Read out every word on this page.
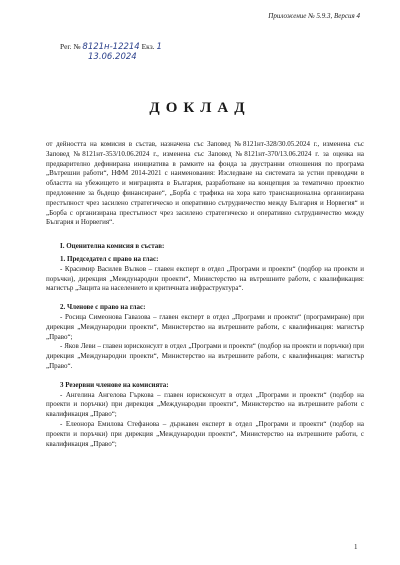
Приложение № 5.9.3, Версия 4
Рег. № 8121н-12214 Екз. 1
13.06.2024
ДОКЛАД

от дейността на комисия в състав, назначена със Заповед №8121нт-328/30.05.2024 г., изменена със Заповед №8121нт-353/10.06.2024 г., изменена със Заповед №8121нт-370/13.06.2024 г. за оценка на предварително дефинирана инициатива в рамките на фонда за двустранни отношения по програма „Вътрешни работи“, НФМ 2014-2021 с наименования: Изследване на системата за устни преводачи в областта на убежището и миграцията в България, разработване на концепция за тематично проектно предложение за бъдещо финансиране“, „Борба с трафика на хора като транснационална организирана престъпност чрез засилено стратегическо и оперативно сътрудничество между България и Норвегия“ и „Борба с организирана престъпност чрез засилено стратегическо и оперативно сътрудничество между България и Норвегия“.

I. Оценителна комисия в състав:

1. Председател с право на глас:

- Красимир Василев Вълков – главен експерт в отдел „Програми и проекти“ (подбор на проекти и поръчки), дирекция „Международни проекти“, Министерство на вътрешните работи, с квалификация: магистър „Защита на населението и критичната инфраструктура“.

2. Членове с право на глас:

- Росица Симеонова Гавазова – главен експерт в отдел „Програми и проекти“ (програмиране) при дирекция „Международни проекти“, Министерство на вътрешните работи, с квалификация: магистър „Право“;

- Яков Леви – главен юрисконсулт в отдел „Програми и проекти“ (подбор на проекти и поръчки) при дирекция „Международни проекти“, Министерство на вътрешните работи, с квалификация: магистър „Право“.

3 Резервни членове на комисията:

- Ангелина Ангелова Гъркова – главен юрисконсулт в отдел „Програми и проекти“ (подбор на проекти и поръчки) при дирекция „Международни проекти“, Министерство на вътрешните работи с квалификация „Право“;

- Елеонора Емилова Стефанова – държавен експерт в отдел „Програми и проекти“ (подбор на проекти и поръчки) при дирекция „Международни проекти“, Министерство на вътрешните работи, с квалификация „Право“;

1
